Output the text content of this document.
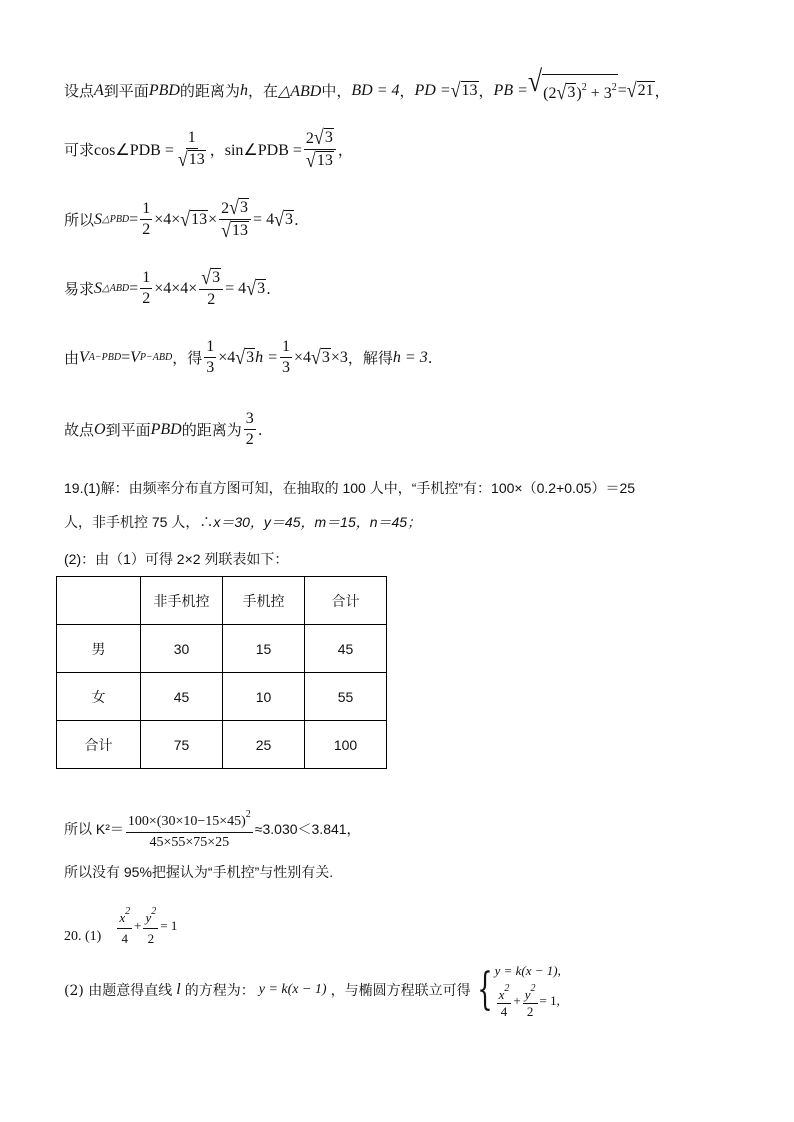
设点 A 到平面 PBD 的距离为 h ，在 △ABD 中， BD = 4 ， PD = √ 13 ， PB = √ (2 √ 3 )$^2 + 3^2$ = √ 21 ，
可求 cos∠PDB = $\frac{1}{√ 13}$ ， sin∠PDB = $\frac{2 √ 3}{√ 13}$ ，
所以 S △PBD = $\frac{1}{2} \times 4\times$ √ $13 \times \frac{2 √ 3}{√ 13} = 4$ √ 3 .
易求 S △ABD = $\frac{1}{2} \times 4\times 4\times \frac{√ 3}{2} = 4$ √ 3 .
由 V A−PBD = V P−ABD ，得 $\frac{1}{3} \times 4$ √ 3 $h = \frac{1}{3} \times 4$ √ 3 ×3 ，解得 h = 3 .
故点 O 到平面 PBD 的距离为 $\frac{3}{2}$ .
19.(1)解：由频率分布直方图可知，在抽取的 100 人中，“手机控”有：100×（0.2+0.05）＝25
人，非手机控 75 人，∴ x＝30，y＝45，m＝15，n＝45；
(2)：由（1）可得 2×2 列联表如下：
	非手机控	手机控	合计
男	30	15	45
女	45	10	55
合计	75	25	100
所以 $K^2= \frac{100\times(30\times 10-15\times 45)^2}{45\times 55\times 75\times 25} \approx 3.030<3.841$，
所以没有 95%把握认为“手机控”与性别有关.
20. $(1) \frac{x^2}{4} + \frac{y^2}{2} = 1$
(2) 由题意得直线 l 的方程为： y = k(x − 1) ，与椭圆方程联立可得 { y = k(x − 1),
$\frac{x^2}{4} + \frac{y^2}{2} = 1$,
